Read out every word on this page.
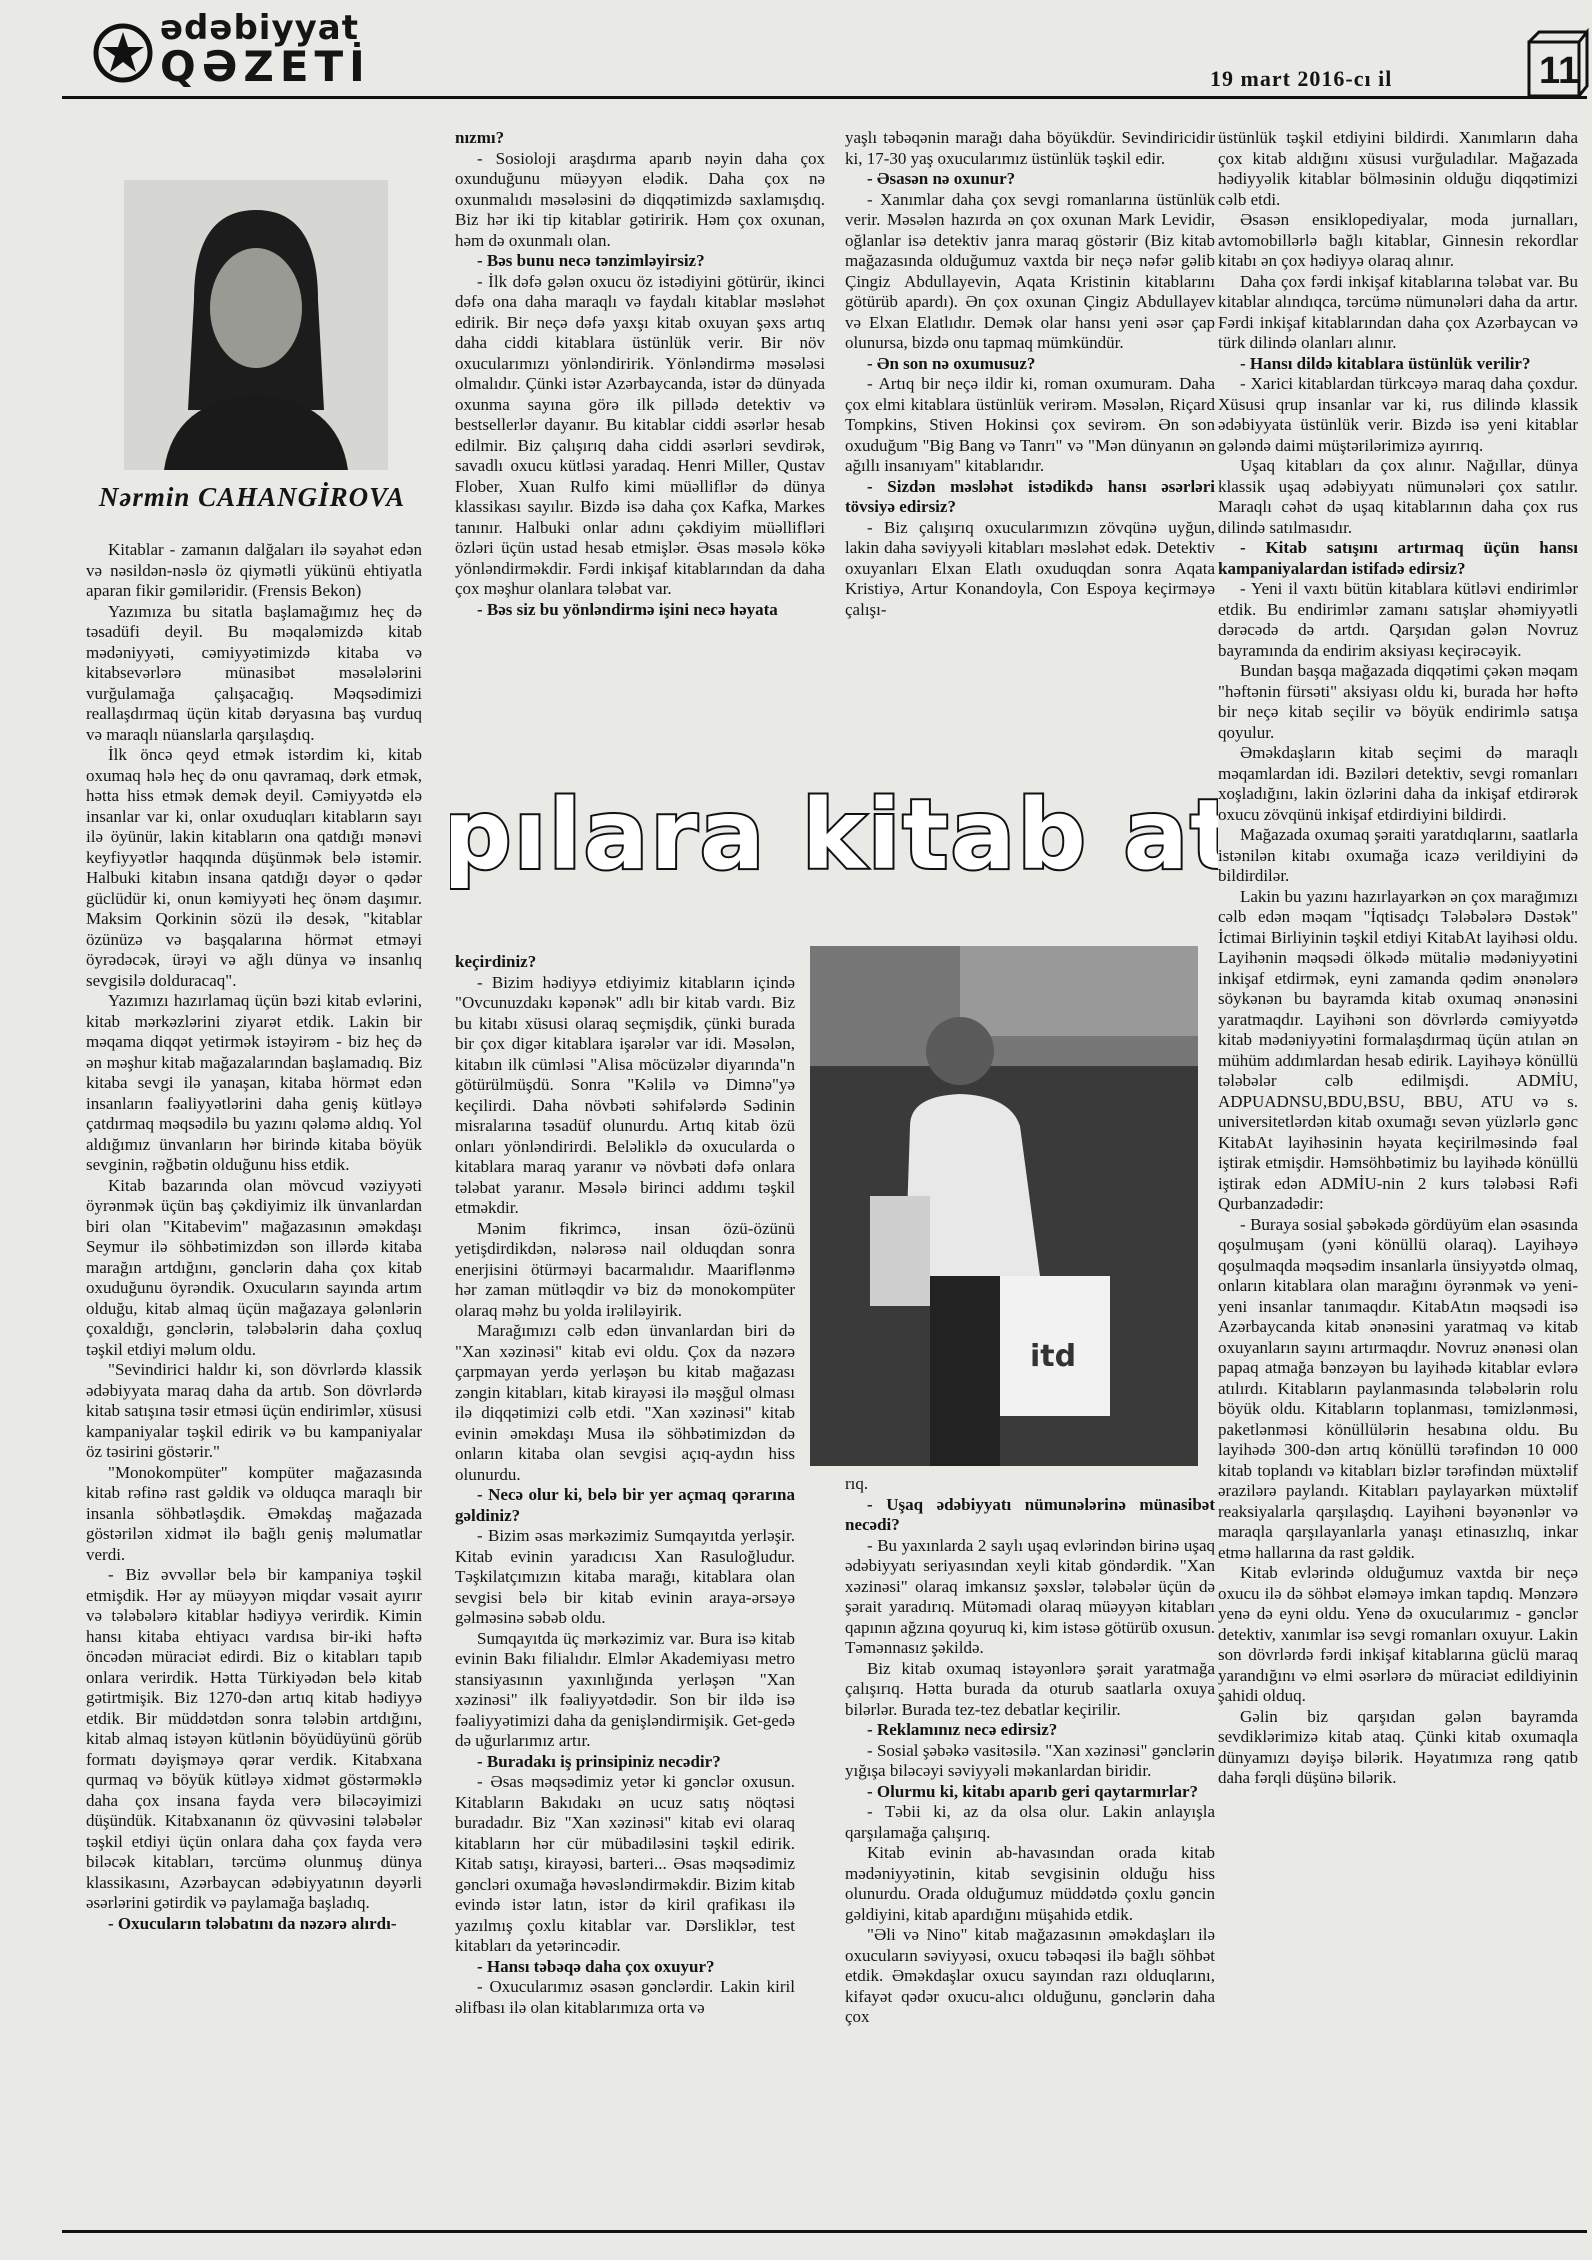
ədəbiyyat
QƏZETİ	19 mart 2016-cı il	11
Nərmin CAHANGİROVA

Kitablar - zamanın dalğaları ilə səyahət edən və nəsildən-nəslə öz qiymətli yükünü ehtiyatla aparan fikir gəmiləridir. (Frensis Bekon)

Yazımıza bu sitatla başlamağımız heç də təsadüfi deyil. Bu məqaləmizdə kitab mədəniyyəti, cəmiyyətimizdə kitaba və kitabsevərlərə münasibət məsələlərini vurğulamağa çalışacağıq. Məqsədimizi reallaşdırmaq üçün kitab dəryasına baş vurduq və maraqlı nüanslarla qarşılaşdıq.

İlk öncə qeyd etmək istərdim ki, kitab oxumaq hələ heç də onu qavramaq, dərk etmək, hətta hiss etmək demək deyil. Cəmiyyətdə elə insanlar var ki, onlar oxuduqları kitabların sayı ilə öyünür, lakin kitabların ona qatdığı mənəvi keyfiyyətlər haqqında düşünmək belə istəmir. Halbuki kitabın insana qatdığı dəyər o qədər güclüdür ki, onun kəmiyyəti heç önəm daşımır. Maksim Qorkinin sözü ilə desək, "kitablar özünüzə və başqalarına hörmət etməyi öyrədəcək, ürəyi və ağlı dünya və insanlıq sevgisilə dolduracaq".

Yazımızı hazırlamaq üçün bəzi kitab evlərini, kitab mərkəzlərini ziyarət etdik. Lakin bir məqama diqqət yetirmək istəyirəm - biz heç də ən məşhur kitab mağazalarından başlamadıq. Biz kitaba sevgi ilə yanaşan, kitaba hörmət edən insanların fəaliyyətlərini daha geniş kütləyə çatdırmaq məqsədilə bu yazını qələmə aldıq. Yol aldığımız ünvanların hər birində kitaba böyük sevginin, rəğbətin olduğunu hiss etdik.

Kitab bazarında olan mövcud vəziyyəti öyrənmək üçün baş çəkdiyimiz ilk ünvanlardan biri olan "Kitabevim" mağazasının əməkdaşı Seymur ilə söhbətimizdən son illərdə kitaba marağın artdığını, gənclərin daha çox kitab oxuduğunu öyrəndik. Oxucuların sayında artım olduğu, kitab almaq üçün mağazaya gələnlərin çoxaldığı, gənclərin, tələbələrin daha çoxluq təşkil etdiyi məlum oldu.

"Sevindirici haldır ki, son dövrlərdə klassik ədəbiyyata maraq daha da artıb. Son dövrlərdə kitab satışına təsir etməsi üçün endirimlər, xüsusi kampaniyalar təşkil edirik və bu kampaniyalar öz təsirini göstərir."

"Monokompüter" kompüter mağazasında kitab rəfinə rast gəldik və olduqca maraqlı bir insanla söhbətləşdik. Əməkdaş mağazada göstərilən xidmət ilə bağlı geniş məlumatlar verdi.

- Biz əvvəllər belə bir kampaniya təşkil etmişdik. Hər ay müəyyən miqdar vəsait ayırır və tələbələrə kitablar hədiyyə verirdik. Kimin hansı kitaba ehtiyacı vardısa bir-iki həftə öncədən müraciət edirdi. Biz o kitabları tapıb onlara verirdik. Hətta Türkiyədən belə kitab gətirtmişik. Biz 1270-dən artıq kitab hədiyyə etdik. Bir müddətdən sonra tələbin artdığını, kitab almaq istəyən kütlənin böyüdüyünü görüb formatı dəyişməyə qərar verdik. Kitabxana qurmaq və böyük kütləyə xidmət göstərməklə daha çox insana fayda verə biləcəyimizi düşündük. Kitabxananın öz qüvvəsini tələbələr təşkil etdiyi üçün onlara daha çox fayda verə biləcək kitabları, tərcümə olunmuş dünya klassikasını, Azərbaycan ədəbiyyatının dəyərli əsərlərini gətirdik və paylamağa başladıq.

- Oxucuların tələbatını da nəzərə alırdı-

nızmı?

- Sosioloji araşdırma aparıb nəyin daha çox oxunduğunu müəyyən elədik. Daha çox nə oxunmalıdı məsələsini də diqqətimizdə saxlamışdıq. Biz hər iki tip kitablar gətiririk. Həm çox oxunan, həm də oxunmalı olan.

- Bəs bunu necə tənzimləyirsiz?

- İlk dəfə gələn oxucu öz istədiyini götürür, ikinci dəfə ona daha maraqlı və faydalı kitablar məsləhət edirik. Bir neçə dəfə yaxşı kitab oxuyan şəxs artıq daha ciddi kitablara üstünlük verir. Bir növ oxucularımızı yönləndiririk. Yönləndirmə məsələsi olmalıdır. Çünki istər Azərbaycanda, istər də dünyada oxunma sayına görə ilk pillədə detektiv və bestsellerlər dayanır. Bu kitablar ciddi əsərlər hesab edilmir. Biz çalışırıq daha ciddi əsərləri sevdirək, savadlı oxucu kütləsi yaradaq. Henri Miller, Qustav Flober, Xuan Rulfo kimi müəlliflər də dünya klassikası sayılır. Bizdə isə daha çox Kafka, Markes tanınır. Halbuki onlar adını çəkdiyim müəllifləri özləri üçün ustad hesab etmişlər. Əsas məsələ kökə yönləndirməkdir. Fərdi inkişaf kitablarından da daha çox məşhur olanlara tələbat var.

- Bəs siz bu yönləndirmə işini necə həyata

pılara kitab at

keçirdiniz?

- Bizim hədiyyə etdiyimiz kitabların içində "Ovcunuzdakı kəpənək" adlı bir kitab vardı. Biz bu kitabı xüsusi olaraq seçmişdik, çünki burada bir çox digər kitablara işarələr var idi. Məsələn, kitabın ilk cümləsi "Alisa möcüzələr diyarında"n götürülmüşdü. Sonra "Kəlilə və Dimnə"yə keçilirdi. Daha növbəti səhifələrdə Sədinin misralarına təsadüf olunurdu. Artıq kitab özü onları yönləndirirdi. Beləliklə də oxucularda o kitablara maraq yaranır və növbəti dəfə onlara tələbat yaranır. Məsələ birinci addımı təşkil etməkdir.

Mənim fikrimcə, insan özü-özünü yetişdirdikdən, nələrəsə nail olduqdan sonra enerjisini ötürməyi bacarmalıdır. Maariflənmə hər zaman mütləqdir və biz də monokompüter olaraq məhz bu yolda irəliləyirik.

Marağımızı cəlb edən ünvanlardan biri də "Xan xəzinəsi" kitab evi oldu. Çox da nəzərə çarpmayan yerdə yerləşən bu kitab mağazası zəngin kitabları, kitab kirayəsi ilə məşğul olması ilə diqqətimizi cəlb etdi. "Xan xəzinəsi" kitab evinin əməkdaşı Musa ilə söhbətimizdən də onların kitaba olan sevgisi açıq-aydın hiss olunurdu.

- Necə olur ki, belə bir yer açmaq qərarına gəldiniz?

- Bizim əsas mərkəzimiz Sumqayıtda yerləşir. Kitab evinin yaradıcısı Xan Rasuloğludur. Təşkilatçımızın kitaba marağı, kitablara olan sevgisi belə bir kitab evinin araya-ərsəyə gəlməsinə səbəb oldu.

Sumqayıtda üç mərkəzimiz var. Bura isə kitab evinin Bakı filialıdır. Elmlər Akademiyası metro stansiyasının yaxınlığında yerləşən "Xan xəzinəsi" ilk fəaliyyətdədir. Son bir ildə isə fəaliyyətimizi daha da genişləndirmişik. Get-gedə də uğurlarımız artır.

- Buradakı iş prinsipiniz necədir?

- Əsas məqsədimiz yetər ki gənclər oxusun. Kitabların Bakıdakı ən ucuz satış nöqtəsi buradadır. Biz "Xan xəzinəsi" kitab evi olaraq kitabların hər cür mübadiləsini təşkil edirik. Kitab satışı, kirayəsi, barteri... Əsas məqsədimiz gəncləri oxumağa həvəsləndirməkdir. Bizim kitab evində istər latın, istər də kiril qrafikası ilə yazılmış çoxlu kitablar var. Dərsliklər, test kitabları da yetərincədir.

- Hansı təbəqə daha çox oxuyur?

- Oxucularımız əsasən gənclərdir. Lakin kiril əlifbası ilə olan kitablarımıza orta və

yaşlı təbəqənin marağı daha böyükdür. Sevindiricidir ki, 17-30 yaş oxucularımız üstünlük təşkil edir.

- Əsasən nə oxunur?

- Xanımlar daha çox sevgi romanlarına üstünlük verir. Məsələn hazırda ən çox oxunan Mark Levidir, oğlanlar isə detektiv janra maraq göstərir (Biz kitab mağazasında olduğumuz vaxtda bir neçə nəfər gəlib Çingiz Abdullayevin, Aqata Kristinin kitablarını götürüb apardı). Ən çox oxunan Çingiz Abdullayev və Elxan Elatlıdır. Demək olar hansı yeni əsər çap olunursa, bizdə onu tapmaq mümkündür.

- Ən son nə oxumusuz?

- Artıq bir neçə ildir ki, roman oxumuram. Daha çox elmi kitablara üstünlük verirəm. Məsələn, Riçard Tompkins, Stiven Hokinsi çox sevirəm. Ən son oxuduğum "Big Bang və Tanrı" və "Mən dünyanın ən ağıllı insanıyam" kitablarıdır.

- Sizdən məsləhət istədikdə hansı əsərləri tövsiyə edirsiz?

- Biz çalışırıq oxucularımızın zövqünə uyğun, lakin daha səviyyəli kitabları məsləhət edək. Detektiv oxuyanları Elxan Elatlı oxuduqdan sonra Aqata Kristiyə, Artur Konandoyla, Con Espoya keçirməyə çalışı-

itd

rıq.

- Uşaq ədəbiyyatı nümunələrinə münasibət necədi?

- Bu yaxınlarda 2 saylı uşaq evlərindən birinə uşaq ədəbiyyatı seriyasından xeyli kitab göndərdik. "Xan xəzinəsi" olaraq imkansız şəxslər, tələbələr üçün də şərait yaradırıq. Mütəmadi olaraq müəyyən kitabları qapının ağzına qoyuruq ki, kim istəsə götürüb oxusun. Təmənnasız şəkildə.

Biz kitab oxumaq istəyənlərə şərait yaratmağa çalışırıq. Hətta burada da oturub saatlarla oxuya bilərlər. Burada tez-tez debatlar keçirilir.

- Reklamınız necə edirsiz?

- Sosial şəbəkə vasitəsilə. "Xan xəzinəsi" gənclərin yığışa biləcəyi səviyyəli məkanlardan biridir.

- Olurmu ki, kitabı aparıb geri qaytarmırlar?

- Təbii ki, az da olsa olur. Lakin anlayışla qarşılamağa çalışırıq.

Kitab evinin ab-havasından orada kitab mədəniyyətinin, kitab sevgisinin olduğu hiss olunurdu. Orada olduğumuz müddətdə çoxlu gəncin gəldiyini, kitab apardığını müşahidə etdik.

"Əli və Nino" kitab mağazasının əməkdaşları ilə oxucuların səviyyəsi, oxucu təbəqəsi ilə bağlı söhbət etdik. Əməkdaşlar oxucu sayından razı olduqlarını, kifayət qədər oxucu-alıcı olduğunu, gənclərin daha çox

üstünlük təşkil etdiyini bildirdi. Xanımların daha çox kitab aldığını xüsusi vurğuladılar. Mağazada hədiyyəlik kitablar bölməsinin olduğu diqqətimizi cəlb etdi.

Əsasən ensiklopediyalar, moda jurnalları, avtomobillərlə bağlı kitablar, Ginnesin rekordlar kitabı ən çox hədiyyə olaraq alınır.

Daha çox fərdi inkişaf kitablarına tələbat var. Bu kitablar alındıqca, tərcümə nümunələri daha da artır. Fərdi inkişaf kitablarından daha çox Azərbaycan və türk dilində olanları alınır.

- Hansı dildə kitablara üstünlük verilir?

- Xarici kitablardan türkcəyə maraq daha çoxdur. Xüsusi qrup insanlar var ki, rus dilində klassik ədəbiyyata üstünlük verir. Bizdə isə yeni kitablar gələndə daimi müştərilərimizə ayırırıq.

Uşaq kitabları da çox alınır. Nağıllar, dünya klassik uşaq ədəbiyyatı nümunələri çox satılır. Maraqlı cəhət də uşaq kitablarının daha çox rus dilində satılmasıdır.

- Kitab satışını artırmaq üçün hansı kampaniyalardan istifadə edirsiz?

- Yeni il vaxtı bütün kitablara kütləvi endirimlər etdik. Bu endirimlər zamanı satışlar əhəmiyyətli dərəcədə də artdı. Qarşıdan gələn Novruz bayramında da endirim aksiyası keçirəcəyik.

Bundan başqa mağazada diqqətimi çəkən məqam "həftənin fürsəti" aksiyası oldu ki, burada hər həftə bir neçə kitab seçilir və böyük endirimlə satışa qoyulur.

Əməkdaşların kitab seçimi də maraqlı məqamlardan idi. Bəziləri detektiv, sevgi romanları xoşladığını, lakin özlərini daha da inkişaf etdirərək oxucu zövqünü inkişaf etdirdiyini bildirdi.

Mağazada oxumaq şəraiti yaratdıqlarını, saatlarla istənilən kitabı oxumağa icazə verildiyini də bildirdilər.

Lakin bu yazını hazırlayarkən ən çox marağımızı cəlb edən məqam "İqtisadçı Tələbələrə Dəstək" İctimai Birliyinin təşkil etdiyi KitabAt layihəsi oldu. Layihənin məqsədi ölkədə mütaliə mədəniyyətini inkişaf etdirmək, eyni zamanda qədim ənənələrə söykənən bu bayramda kitab oxumaq ənənəsini yaratmaqdır. Layihəni son dövrlərdə cəmiyyətdə kitab mədəniyyətini formalaşdırmaq üçün atılan ən mühüm addımlardan hesab edirik. Layihəyə könüllü tələbələr cəlb edilmişdi. ADMİU, ADPUADNSU,BDU,BSU, BBU, ATU və s. universitetlərdən kitab oxumağı sevən yüzlərlə gənc KitabAt layihəsinin həyata keçirilməsində fəal iştirak etmişdir. Həmsöhbətimiz bu layihədə könüllü iştirak edən ADMİU-nin 2 kurs tələbəsi Rəfi Qurbanzadədir:

- Buraya sosial şəbəkədə gördüyüm elan əsasında qoşulmuşam (yəni könüllü olaraq). Layihəyə qoşulmaqda məqsədim insanlarla ünsiyyətdə olmaq, onların kitablara olan marağını öyrənmək və yeni-yeni insanlar tanımaqdır. KitabAtın məqsədi isə Azərbaycanda kitab ənənəsini yaratmaq və kitab oxuyanların sayını artırmaqdır. Novruz ənənəsi olan papaq atmağa bənzəyən bu layihədə kitablar evlərə atılırdı. Kitabların paylanmasında tələbələrin rolu böyük oldu. Kitabların toplanması, təmizlənməsi, paketlənməsi könüllülərin hesabına oldu. Bu layihədə 300-dən artıq könüllü tərəfindən 10 000 kitab toplandı və kitabları bizlər tərəfindən müxtəlif ərazilərə paylandı. Kitabları paylayarkən müxtəlif reaksiyalarla qarşılaşdıq. Layihəni bəyənənlər və maraqla qarşılayanlarla yanaşı etinasızlıq, inkar etmə hallarına da rast gəldik.

Kitab evlərində olduğumuz vaxtda bir neçə oxucu ilə də söhbət eləməyə imkan tapdıq. Mənzərə yenə də eyni oldu. Yenə də oxucularımız - gənclər detektiv, xanımlar isə sevgi romanları oxuyur. Lakin son dövrlərdə fərdi inkişaf kitablarına güclü maraq yarandığını və elmi əsərlərə də müraciət edildiyinin şahidi olduq.

Gəlin biz qarşıdan gələn bayramda sevdiklərimizə kitab ataq. Çünki kitab oxumaqla dünyamızı dəyişə bilərik. Həyatımıza rəng qatıb daha fərqli düşünə bilərik.
